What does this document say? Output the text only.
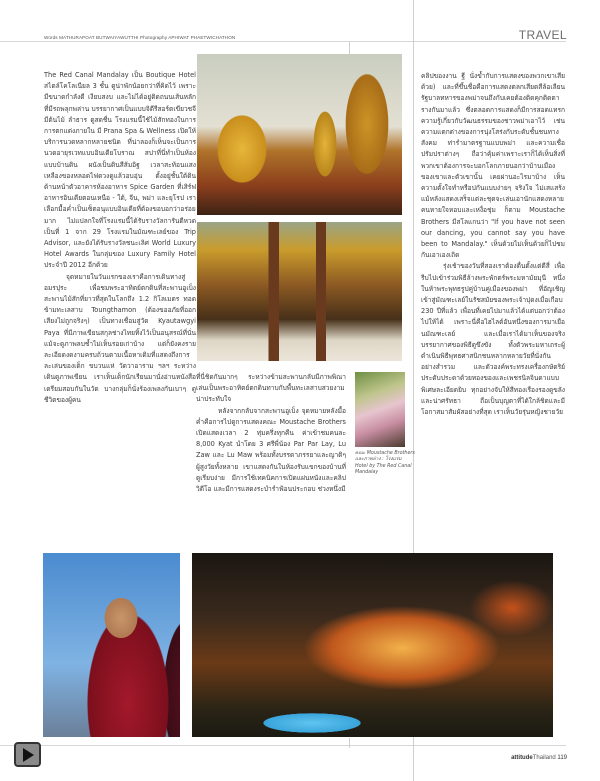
Words MATHURAPOAT BUTWAIYAWUTTHI Photography APHIWAT PHAETWICHATHON	TRAVEL

The Red Canal Mandalay เป็น Boutique Hotel สไตล์โคโลเนียล 3 ชั้น ดูน่าพักน้อยกว่าที่คิดไว้ เพราะมีขนาดกำลังดี เงียบสงบ และไม่ได้อยู่ติดถนนเส้นหลักที่มีรถพลุกพล่าน บรรยากาศเป็นแบบจิตีรีสอร์ตเขียวชจี มีต้นไม้ ลำธาร ดูสดชื่น โรงแรมนี้ใช้ไม้สักทองในการการตกแต่งภายใน มี Prana Spa & Wellness เปิดให้บริการนวดหลากหลายชนิด ที่น่าลองก็เห็นจะเป็นการนวดอายุรเวทแบบอินเดียโบราณ สปาที่นี่ทำเป็นห้องแบบบ้านดิน ผนังเป็นดินสีส้มอิฐ เวลาสะท้อนแสงเหลืองของหลอดไฟดวงดูแล้วอบอุ่น ตั้งอยู่ชั้นใต้ดินด้านหน้าตัวอาคารห้องอาหาร Spice Garden ที่เสิร์ฟอาหารอินเดียตอนเหนือ - ใต้, จีน, พม่า และยุโรป เราเลือกมื้อค่ำเป็นเซ็ตอนุแบบอินเดียที่ต้องขอบอกว่าอร่อยมาก ไม่แปลกใจที่โรงแรมนี้ได้รับรางวัลการันตีหวดเป็นที่ 1 จาก 29 โรงแรมในมัณฑะเลย์ของ Trip Advisor, และยังได้รับรางวัลชนะเลิศ World Luxury Hotel Awards ในกลุ่มของ Luxury Family Hotel ประจำปี 2012 อีกด้วย

จุดหมายในวันแรกของเราคือการเดินทางสู่อมรปุระ เพื่อชมพระอาทิตย์ตกดินที่สะพานอูเบ็ง สะพานไม้สักที่ยาวที่สุดในโลกถึง 1.2 กิโลเมตร ทอดข้ามทะเลสาบ Toungthamon (ต้องขออภัยที่ออกเสียงไม่ถูกจริงๆ) เป็นทางเชื่อมสู่วัด Kyautawgyi Paya ที่มีภาพเขียนสกุลช่างไทยทิ้งไว้เป็นอนุสรณ์ที่นั่น แม้จะดูภาพลบช้ำไม่เห็นรอยเก่าบ้าง แต่ก็ยังคงรายละเอียดงดงามครบถ้วนตามเนื้อหาเดิมที่แสดงถึงการละเล่นของเด็ก ขบวนแห่ วัดวาอาราม ฯลฯ ระหว่างเดินดูภาพเขียน เราเห็นเด็กนักเรียนมานั่งอ่านหนังสือเตรียมสอบกันในวัด บางกลุ่มก็นั่งร้องเพลงกันเบาๆ ดูชีวิตของผู้คน

ที่นี่ชิดกันมากๆ ระหว่างข้ามสะพานกลับมีภาพพิณาเล่นเป็นพระอาทิตย์ตกดินทาบกับพื้นทะเลสาบสวยงามน่าประทับใจ

หลังจากกลับจากสะพานอูเบ็ง จุดหมายหลังมื้อค่ำคือการไปดูการแสดงคณะ Moustache Brothers เปิดแสดงเวลา 2 ทุ่มครึ่งทุกคืน ค่าเข้าชมคนละ 8,000 Kyat นำโดย 3 ศรีพี่น้อง Par Par Lay, Lu Zaw และ Lu Maw พร้อมทั้งบรรดาภรรยาและญาติๆ ผู้สูงวัยทั้งหลาย เขาแสดงกันในห้องรับแขกของบ้านที่ดูเรียบง่าย มีการใช้เทคนิคการเปิดแผ่นหนังและคลิปวิดีโอ และมีการแสดงระบำรำฟ้อนประกอบ ช่วงหนึ่งมี

คณะ Moustache Brothers และภาพล่าง : โรงแรม Hotel by The Red Canal Mandalay

คลิปของงาน ฐี นั่งข้ำกับการแสดงของพวกเขาเสียด้วย) และที่ขึ้นชื่อคือการแสดงตลกเสียดสีล้อเลียนรัฐบาลทหารของพม่าจนถึงกับเคยต้องติดคุกติดตารางกันมาแล้ว ซึ่งตลอดการแสดงก็มีการสอดแทรกความรู้เกี่ยวกับวัฒนธรรมของชาวพม่าเอาไว้ เช่น ความแตกต่างของการนุ่งโสร่งกับระดับชั้นชนทางสังคม ท่ารำมาตรฐานแบบพม่า และความเชื่อปรัมปราต่างๆ ถือว่าคุ้มค่าเพราะเราก็ได้เห็นสิ่งที่พวกเขาต้องการจะบอกโลกภายนอกว่าบ้านเมืองของเขาและตัวเขานั้น เคยผ่านอะไรมาบ้าง เห็นความตั้งใจทำหรือปกันแบบง่ายๆ จริงใจ ไม่เสแสร้ง แม้หลังแสดงเสร็จแต่ละชุดจะเล่นเอานักแสดงหลายคนหายใจหอบและเหงื่อชุ่ม ก็ตาม Moustache Brothers มีสโลแกนว่า "If you have not seen our dancing, you cannot say you have been to Mandalay." เห็นด้วยไม่เห็นด้วยก็ไปชมกันเอาเองเถิด

รุ่งเช้าของวันที่สองเราต้องตื่นตั้งแต่ตีสี่ เพื่อรีบไปเข้าร่วมพิธีล้างพระพักตร์พระมหามัยมุนี หนึ่งในห้าพระพุทธรูปคู่บ้านคู่เมืองของพม่า ที่อัญเชิญเข้าสู่มัณฑะเลย์ในรัชสมัยของพระเจ้าปุดงเมื่อเกือบ 230 ปีที่แล้ว เพื่อนที่เคยไปมาแล้วได้แต่บอกว่าต้องไปให้ได้ เพราะนี่คือไฮไลต์อันหนึ่งของการมาเยือนมัณฑะเลย์ และเมื่อเราได้มาเห็นของจริง บรรยากาศของพิธีดูขึงขัง ทั้งตัวพระมหาเถระผู้ดำเนินพิธีพุทธศาสนิกชนหลากหลายวัยที่นั่งกันอย่างสำรวม และตัวองค์พระทรงเครื่องกษัตริย์ประดับประดาด้วยทองของและเพชรนิลจินดาแบบพิเศษละเอียดยิบ ทุกอย่างจับให้สีทองเรืองรองดูขลังและน่าศรัทธา ถือเป็นบุญตาที่ได้ใกล้ชิดและมีโอกาสมาสัมผัสอย่างที่สุด เราเห็นวัยรุ่นหญิงชายวัย

attitudeThailand 119
